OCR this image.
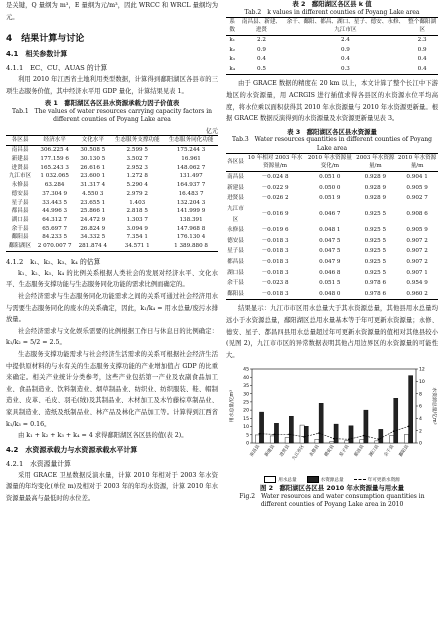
是关键，Q 量纲为 m³，E 量纲为元/m³，因此 WRCC 和 WRCL 量纲均为元。

4　结果计算与讨论
4.1　相关参数计算
4.1.1　EC、CU、AUAS 的计算

利用 2010 年江西省土地利用类型数据，计算得到鄱阳湖区各县市的三项生态服务价值，其中经济水平用 GDP 量化，计算结果见表 1。

表 1　鄱阳湖区各区县水资源承载力因子价值表
Tab.1　The values of water resources carrying capacity factors in different counties of Poyang Lake area
亿元
各区县	经济水平	文化水平	生态服务支撑功能	生态服务同化功能
南昌县	306.225 4	30.508 5	2.599 5	175.244 3
新建县	177.159 6	30.130 5	3.502 7	16.961
进贤县	165.243 3	26.616 1	2.952 3	148.062 7
九江市区	1 032.065	23.600 1	1.272 8	131.497
永修县	63.284	31.317 4	5.290 4	164.937 7
德安县	37.304 9	4.550 3	2.979 2	16.483 7
星子县	33.443 5	23.655 1	1.403	132.204 3
都昌县	44.996 3	25.866 1	2.818 5	141.999 9
湖口县	64.312 7	24.472 9	1.303 7	138.391
余干县	65.697 7	26.824 9	3.094 9	147.968 8
鄱阳县	84.233 5	34.332 5	7.354 1	176.130 4
鄱阳湖区	2 070.007 7	281.874 4	34.571 1	1 389.880 8
4.1.2　k₁、k₂、k₃、k₄ 的估算

k₁、k₂、k₃、k₄ 的比例关系根据人类社会的发展对经济水平、文化水平、生态服务支撑功能与生态服务同化功能的需求比例而确定的。

社会经济需求与生态服务同化功能需求之间的关系可通过社会经济用水与需要生态服务同化的废水的关系确定，因此，k₁/k₄ = 用水总量/废污水排放量。

社会经济需求与文化娱乐需要的比例根据工作日与休息日的比例确定：k₁/k₂ = 5/2 = 2.5。

生态服务支撑功能需求与社会经济生活需求的关系可根据社会经济生活中提供原材料的与水有关的生态服务支撑功能的产业增加值占 GDP 的比重来确定。相关产业统计分类参考，这些产业包括第一产业及农副食品加工业、食品制造业、饮料制造业、烟草制品业、纺织业、纺织服装、鞋、帽制造业、皮革、毛皮、羽毛(绒)及其制品业、木材加工及木竹藤棕草制品业、家具制造业、造纸及纸制品业、林产品及林化产品加工等。计算得到江西省 k₁/k₃ = 0.16。

由 k₁ + k₂ + k₃ + k₄ = 4 求得鄱阳湖区各区县的值(表 2)。

4.2　水资源承载力与水资源承载水平计算
4.2.1　水资源量计算

采用 GRACE 卫星数据反演水量，计算 2010 年相对于 2003 年水资源量的年均变化(单位 m)及相对于 2003 年的年均水资源，计算 2010 年水资源量最高与最低时的水位差。

表 2　鄱阳湖区各区县 k 值
Tab.2　k values in different counties of Poyang Lake area
系数	南昌县、新建、进贤	余干、鄱阳、都昌、湖口、星子、德安、永修、九江市区	整个鄱阳湖区
k₁	2.2	2.4	2.3
k₂	0.9	0.9	0.9
k₃	0.4	0.4	0.4
k₄	0.5	0.3	0.4

由于 GRACE 数据的精度在 20 km 以上，本文计算了整个长江中下游地区的水资源量，用 ACRGIS 进行插值求得各县区的水资源水位平均高度，将水位乘以面积获得其 2010 年水资源量与 2010 年水资源更新量。根据 GRACE 数据反演得到的水资源量及水资源更新量见表 3。

表 3　鄱阳湖区各区县水资源量
Tab.3　Water resources quantities in different counties of Poyang Lake area
各区县	10 年相对 2003 年水资源量/m	2010 年水资源量变化/m	2003 年水资源量/m	2010 年水资源量/m
南昌县	－0.024 8	0.051 0	0.928 9	0.904 1
新建县	－0.022 9	0.050 0	0.928 9	0.905 9
进贤县	－0.026 2	0.051 9	0.928 9	0.902 7
九江市区	－0.016 9	0.046 7	0.925 5	0.908 6
永修县	－0.019 6	0.048 1	0.925 5	0.905 9
德安县	－0.018 3	0.047 5	0.925 5	0.907 2
星子县	－0.018 3	0.047 5	0.925 5	0.907 2
都昌县	－0.018 3	0.047 9	0.925 5	0.907 2
湖口县	－0.018 3	0.046 8	0.925 5	0.907 1
余干县	－0.023 8	0.051 5	0.978 6	0.954 9
鄱阳县	－0.018 3	0.048 0	0.978 6	0.960 2

结果显示：九江市市区用水总量大于其水资源总量，其他县用水总量均远小于水资源总量，鄱阳湖区总用水量基本等于年可更新水资源量；永修、德安、星子、都昌四县用水总量超过年可更新水资源量的值相对其他县较小(见图 2)，九江市市区的异常数据表明其他占用边界区的水资源量的可能性大。

0
5
10
15
20
25
30
35
40
45
0
2
4
6
8
10
12
用水总量/亿m³	水资源总量/亿m³
南昌县 新建县 进贤县 九江市区 永修县 德安县 星子县 都昌县 湖口县 余干县 鄱阳县
用水总量	水资源总量	年可更新水资源
图 2　鄱阳湖区各区县 2010 年水资源量与用水量
Fig.2　Water resources and water consumption quantities in different counties of Poyang Lake area in 2010
